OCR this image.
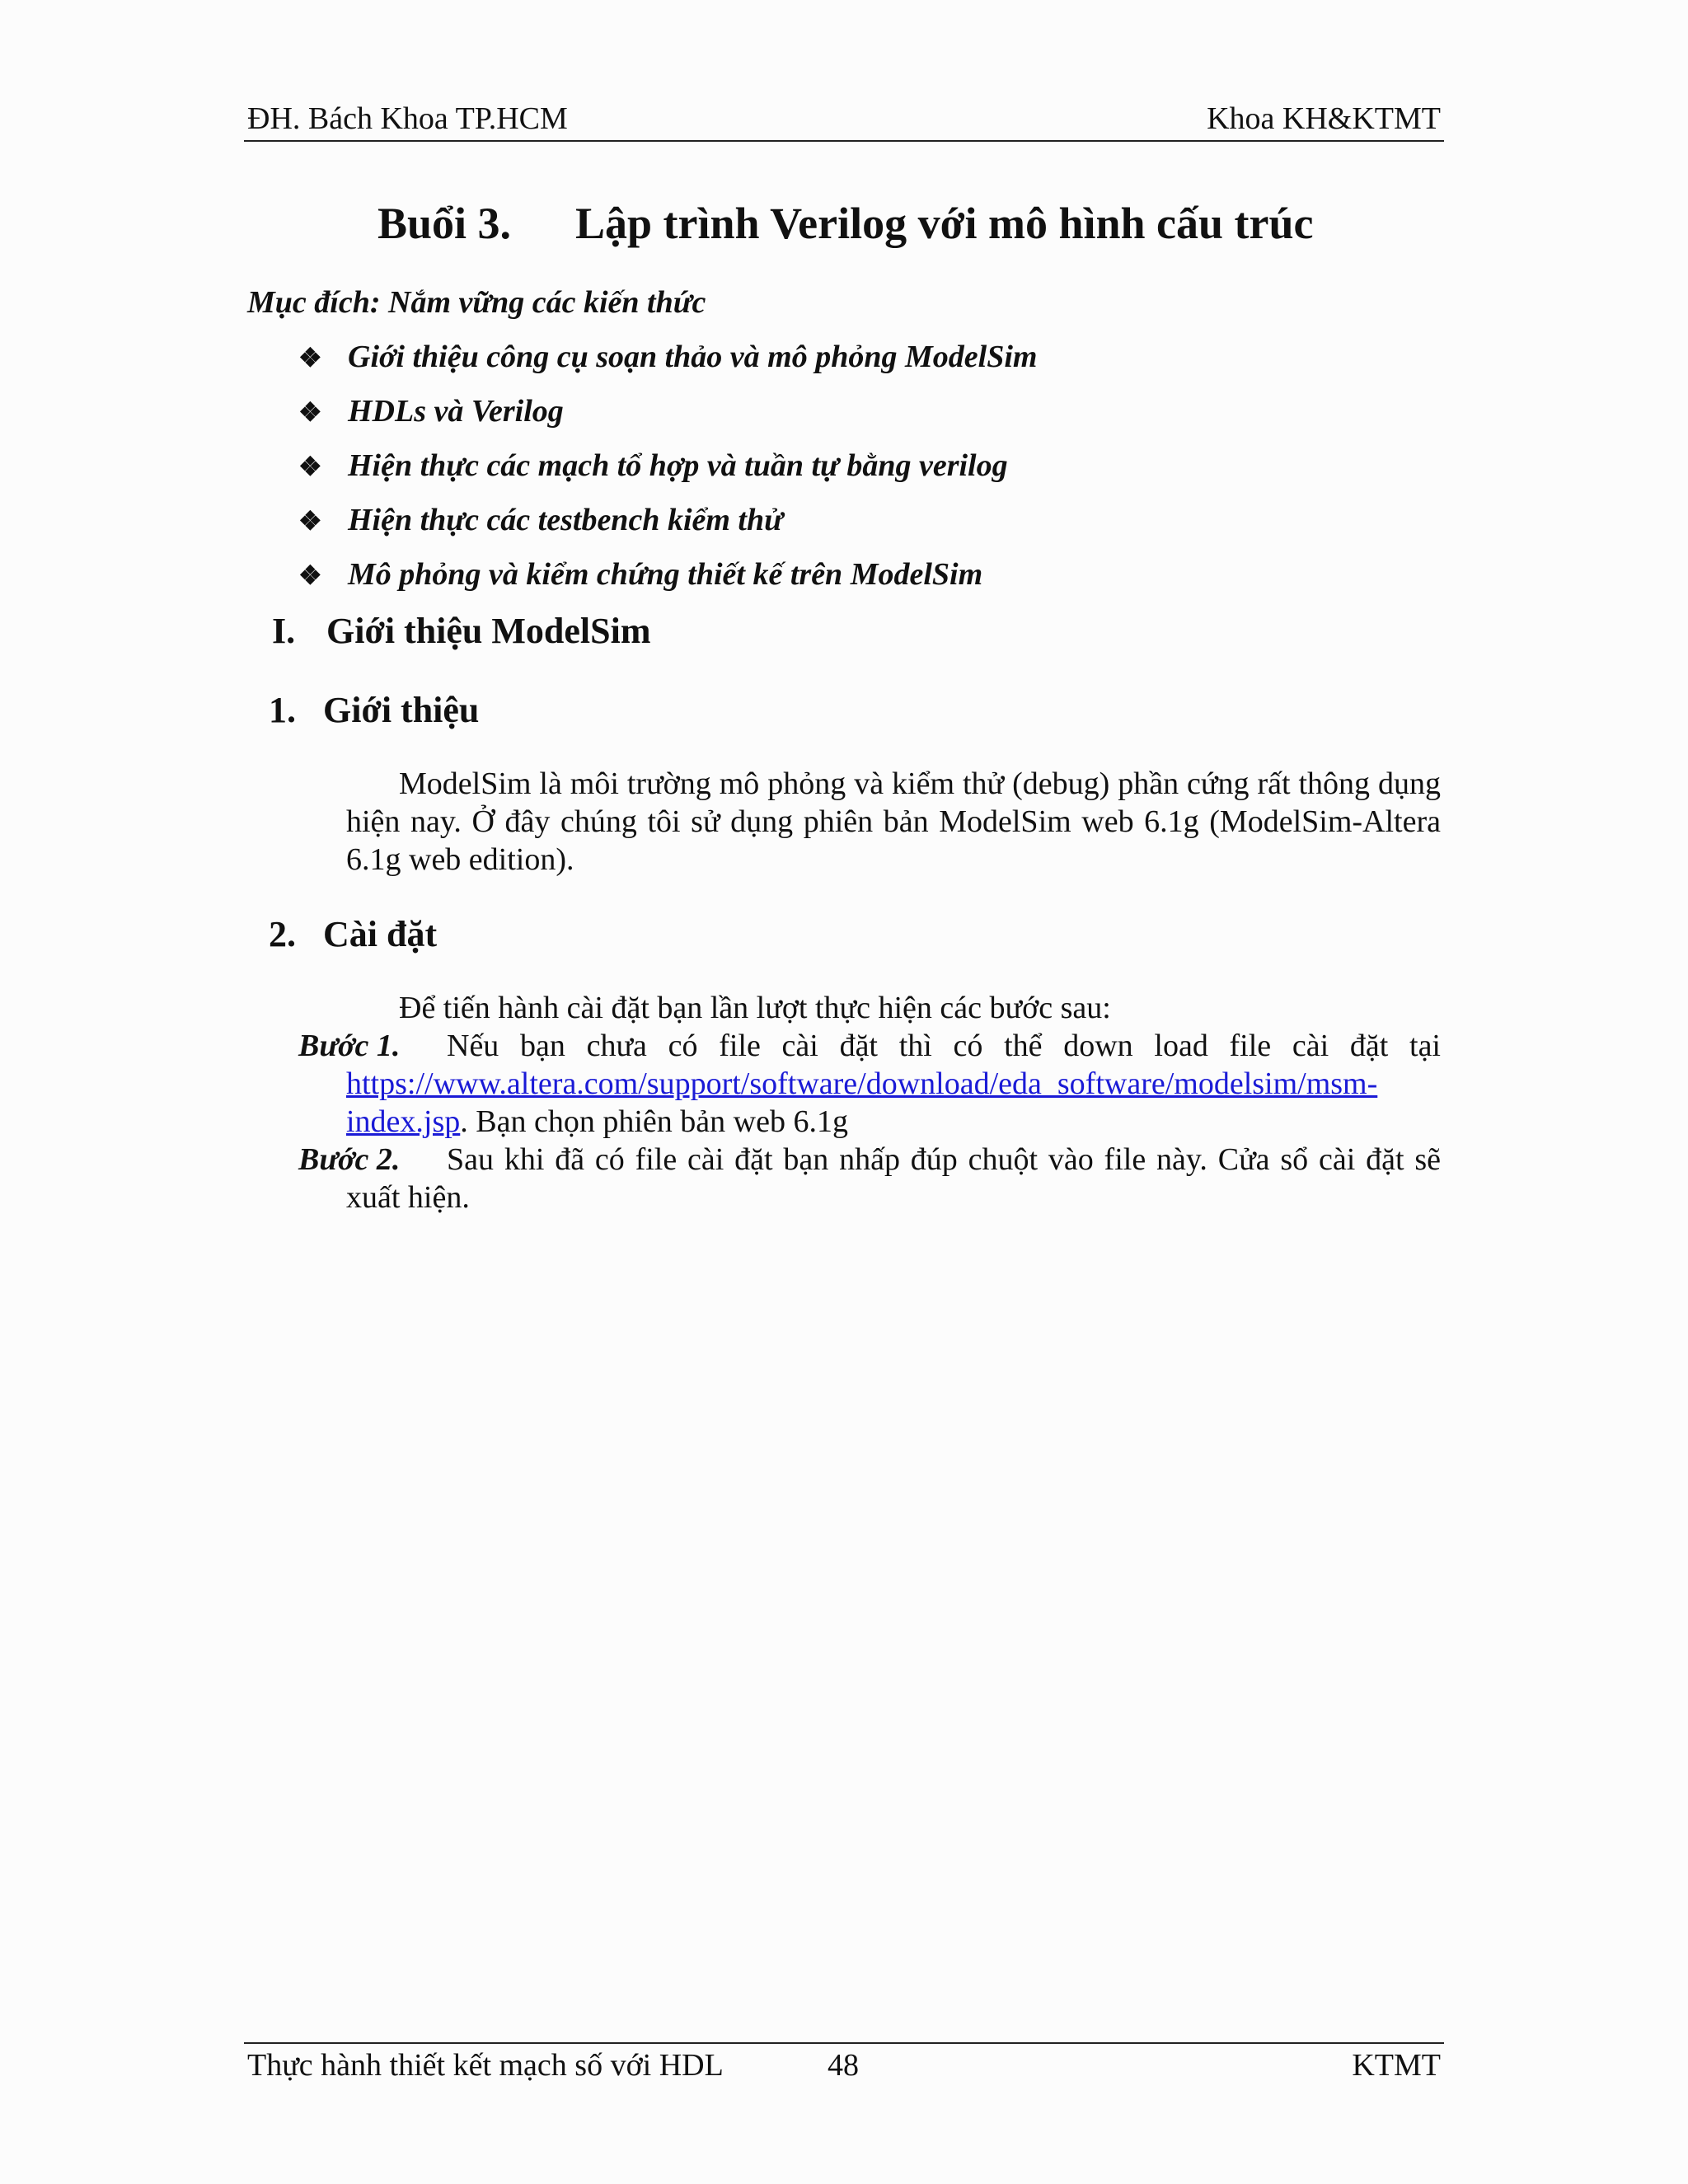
ĐH. Bách Khoa TP.HCM	Khoa KH&KTMT
Buổi 3. Lập trình Verilog với mô hình cấu trúc
Mục đích: Nắm vững các kiến thức
❖ Giới thiệu công cụ soạn thảo và mô phỏng ModelSim
❖ HDLs và Verilog
❖ Hiện thực các mạch tổ hợp và tuần tự bằng verilog
❖ Hiện thực các testbench kiểm thử
❖ Mô phỏng và kiểm chứng thiết kế trên ModelSim
I. Giới thiệu ModelSim
1. Giới thiệu
ModelSim là môi trường mô phỏng và kiểm thử (debug) phần cứng rất thông dụng hiện nay. Ở đây chúng tôi sử dụng phiên bản ModelSim web 6.1g (ModelSim-Altera 6.1g web edition).
2. Cài đặt
Để tiến hành cài đặt bạn lần lượt thực hiện các bước sau:
Bước 1. Nếu bạn chưa có file cài đặt thì có thể down load file cài đặt tại https://www.altera.com/support/software/download/eda_software/modelsim/msm-index.jsp. Bạn chọn phiên bản web 6.1g
Bước 2. Sau khi đã có file cài đặt bạn nhấp đúp chuột vào file này. Cửa sổ cài đặt sẽ xuất hiện.
Thực hành thiết kết mạch số với HDL	48	KTMT
